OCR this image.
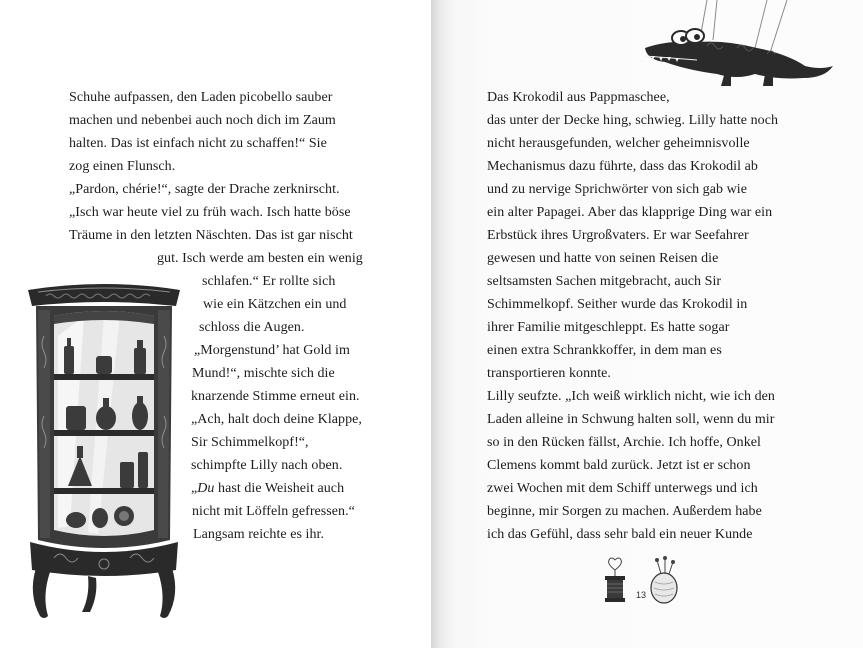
Schuhe aufpassen, den Laden picobello sauber

machen und nebenbei auch noch dich im Zaum

halten. Das ist einfach nicht zu schaffen!“ Sie

zog einen Flunsch.

„Pardon, chérie!“, sagte der Drache zerknirscht.

„Isch war heute viel zu früh wach. Isch hatte böse

Träume in den letzten Näschten. Das ist gar nischt

gut. Isch werde am besten ein wenig

schlafen.“ Er rollte sich

wie ein Kätzchen ein und

schloss die Augen.

„Morgenstund’ hat Gold im

Mund!“, mischte sich die

knarzende Stimme erneut ein.

„Ach, halt doch deine Klappe,

Sir Schimmelkopf!“,

schimpfte Lilly nach oben.

„Du hast die Weisheit auch

nicht mit Löffeln gefressen.“

Langsam reichte es ihr.

Das Krokodil aus Pappmaschee,

das unter der Decke hing, schwieg. Lilly hatte noch

nicht herausgefunden, welcher geheimnisvolle

Mechanismus dazu führte, dass das Krokodil ab

und zu nervige Sprichwörter von sich gab wie

ein alter Papagei. Aber das klapprige Ding war ein

Erbstück ihres Urgroßvaters. Er war Seefahrer

gewesen und hatte von seinen Reisen die

seltsamsten Sachen mitgebracht, auch Sir

Schimmelkopf. Seither wurde das Krokodil in

ihrer Familie mitgeschleppt. Es hatte sogar

einen extra Schrankkoffer, in dem man es

transportieren konnte.

Lilly seufzte. „Ich weiß wirklich nicht, wie ich den

Laden alleine in Schwung halten soll, wenn du mir

so in den Rücken fällst, Archie. Ich hoffe, Onkel

Clemens kommt bald zurück. Jetzt ist er schon

zwei Wochen mit dem Schiff unterwegs und ich

beginne, mir Sorgen zu machen. Außerdem habe

ich das Gefühl, dass sehr bald ein neuer Kunde

13
